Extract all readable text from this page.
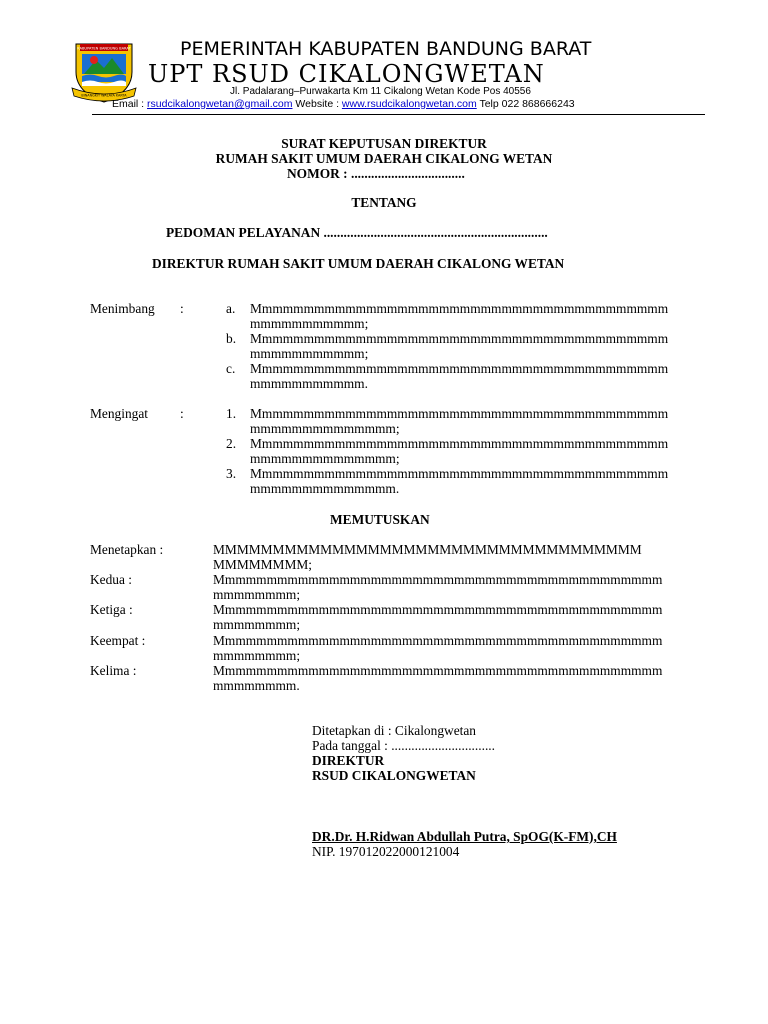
KABUPATEN BANDUNG BARAT
BINANGKIT WALAYA KARTA
PEMERINTAH KABUPATEN BANDUNG BARAT
UPT RSUD CIKALONGWETAN
Jl. Padalarang–Purwakarta Km 11 Cikalong Wetan Kode Pos 40556
Email : rsudcikalongwetan@gmail.com Website : www.rsudcikalongwetan.com Telp 022 868666243
SURAT KEPUTUSAN DIREKTUR
RUMAH SAKIT UMUM DAERAH CIKALONG WETAN
NOMOR : ..................................
TENTANG
PEDOMAN PELAYANAN ...................................................................
DIREKTUR RUMAH SAKIT UMUM DAERAH CIKALONG WETAN
Menimbang :	a. Mmmmmmmmmmmmmmmmmmmmmmmmmmmmmmmmmmmmmmmm
mmmmmmmmmmm;
b. Mmmmmmmmmmmmmmmmmmmmmmmmmmmmmmmmmmmmmmmm
mmmmmmmmmmm;
c. Mmmmmmmmmmmmmmmmmmmmmmmmmmmmmmmmmmmmmmmm
mmmmmmmmmmm.
Mengingat :	1. Mmmmmmmmmmmmmmmmmmmmmmmmmmmmmmmmmmmmmmmm
mmmmmmmmmmmmmm;
2. Mmmmmmmmmmmmmmmmmmmmmmmmmmmmmmmmmmmmmmmm
mmmmmmmmmmmmmm;
3. Mmmmmmmmmmmmmmmmmmmmmmmmmmmmmmmmmmmmmmmm
mmmmmmmmmmmmmm.
MEMUTUSKAN
Menetapkan :	MMMMMMMMMMMMMMMMMMMMMMMMMMMMMMMMMMMM
MMMMMMMM;
Kedua :	Mmmmmmmmmmmmmmmmmmmmmmmmmmmmmmmmmmmmmmmmmmm
mmmmmmmm;
Ketiga :	Mmmmmmmmmmmmmmmmmmmmmmmmmmmmmmmmmmmmmmmmmmm
mmmmmmmm;
Keempat :	Mmmmmmmmmmmmmmmmmmmmmmmmmmmmmmmmmmmmmmmmmmm
mmmmmmmm;
Kelima :	Mmmmmmmmmmmmmmmmmmmmmmmmmmmmmmmmmmmmmmmmmmm
mmmmmmmm.
Ditetapkan di : Cikalongwetan
Pada tanggal : ...............................
DIREKTUR
RSUD CIKALONGWETAN
DR.Dr. H.Ridwan Abdullah Putra, SpOG(K-FM),CH
NIP. 197012022000121004
